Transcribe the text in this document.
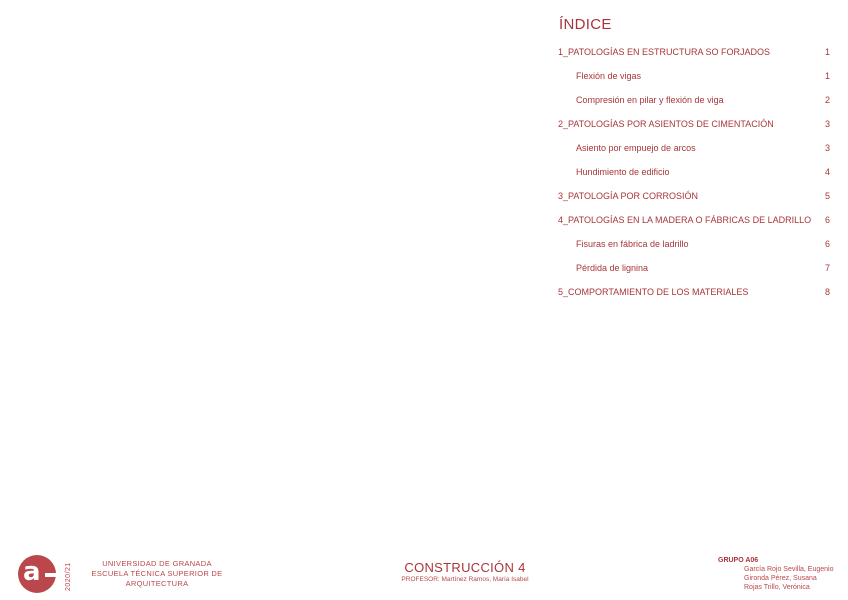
ÍNDICE
1_PATOLOGÍAS EN ESTRUCTURA SO FORJADOS	1
Flexión de vigas	1
Compresión en pilar y flexión de viga	2
2_PATOLOGÍAS POR ASIENTOS DE CIMENTACIÓN	3
Asiento por empuejo de arcos	3
Hundimiento de edificio	4
3_PATOLOGÍA POR CORROSIÓN	5
4_PATOLOGÍAS EN LA MADERA O FÁBRICAS DE LADRILLO 6
Fisuras en fábrica de ladrillo	6
Pérdida de lignina	7
5_COMPORTAMIENTO DE LOS MATERIALES	8
a	2020/21	UNIVERSIDAD DE GRANADA
ESCUELA TÉCNICA SUPERIOR DE
ARQUITECTURA
CONSTRUCCIÓN 4
PROFESOR: Martínez Ramos, María Isabel
GRUPO A06
García Rojo Sevilla, Eugenio
Gironda Pérez, Susana
Rojas Trillo, Verónica
